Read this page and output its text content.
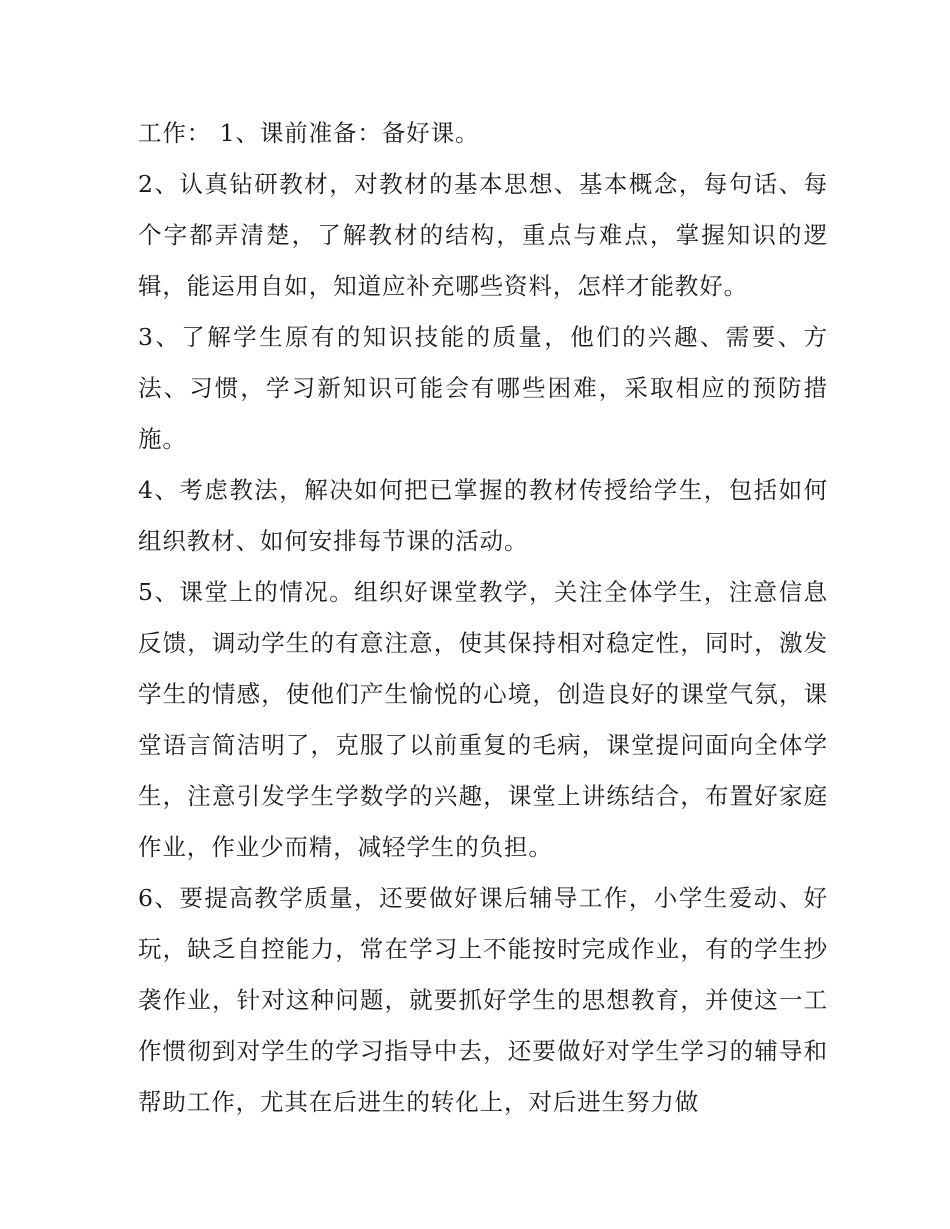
工作： 1、课前准备：备好课。

2、认真钻研教材，对教材的基本思想、基本概念，每句话、每个字都弄清楚，了解教材的结构，重点与难点，掌握知识的逻辑，能运用自如，知道应补充哪些资料，怎样才能教好。

3、了解学生原有的知识技能的质量，他们的兴趣、需要、方法、习惯，学习新知识可能会有哪些困难，采取相应的预防措施。

4、考虑教法，解决如何把已掌握的教材传授给学生，包括如何组织教材、如何安排每节课的活动。

5、课堂上的情况。组织好课堂教学，关注全体学生，注意信息反馈，调动学生的有意注意，使其保持相对稳定性，同时，激发学生的情感，使他们产生愉悦的心境，创造良好的课堂气氛，课堂语言简洁明了，克服了以前重复的毛病，课堂提问面向全体学生，注意引发学生学数学的兴趣，课堂上讲练结合，布置好家庭作业，作业少而精，减轻学生的负担。

6、要提高教学质量，还要做好课后辅导工作，小学生爱动、好玩，缺乏自控能力，常在学习上不能按时完成作业，有的学生抄袭作业，针对这种问题，就要抓好学生的思想教育，并使这一工作惯彻到对学生的学习指导中去，还要做好对学生学习的辅导和帮助工作，尤其在后进生的转化上，对后进生努力做
